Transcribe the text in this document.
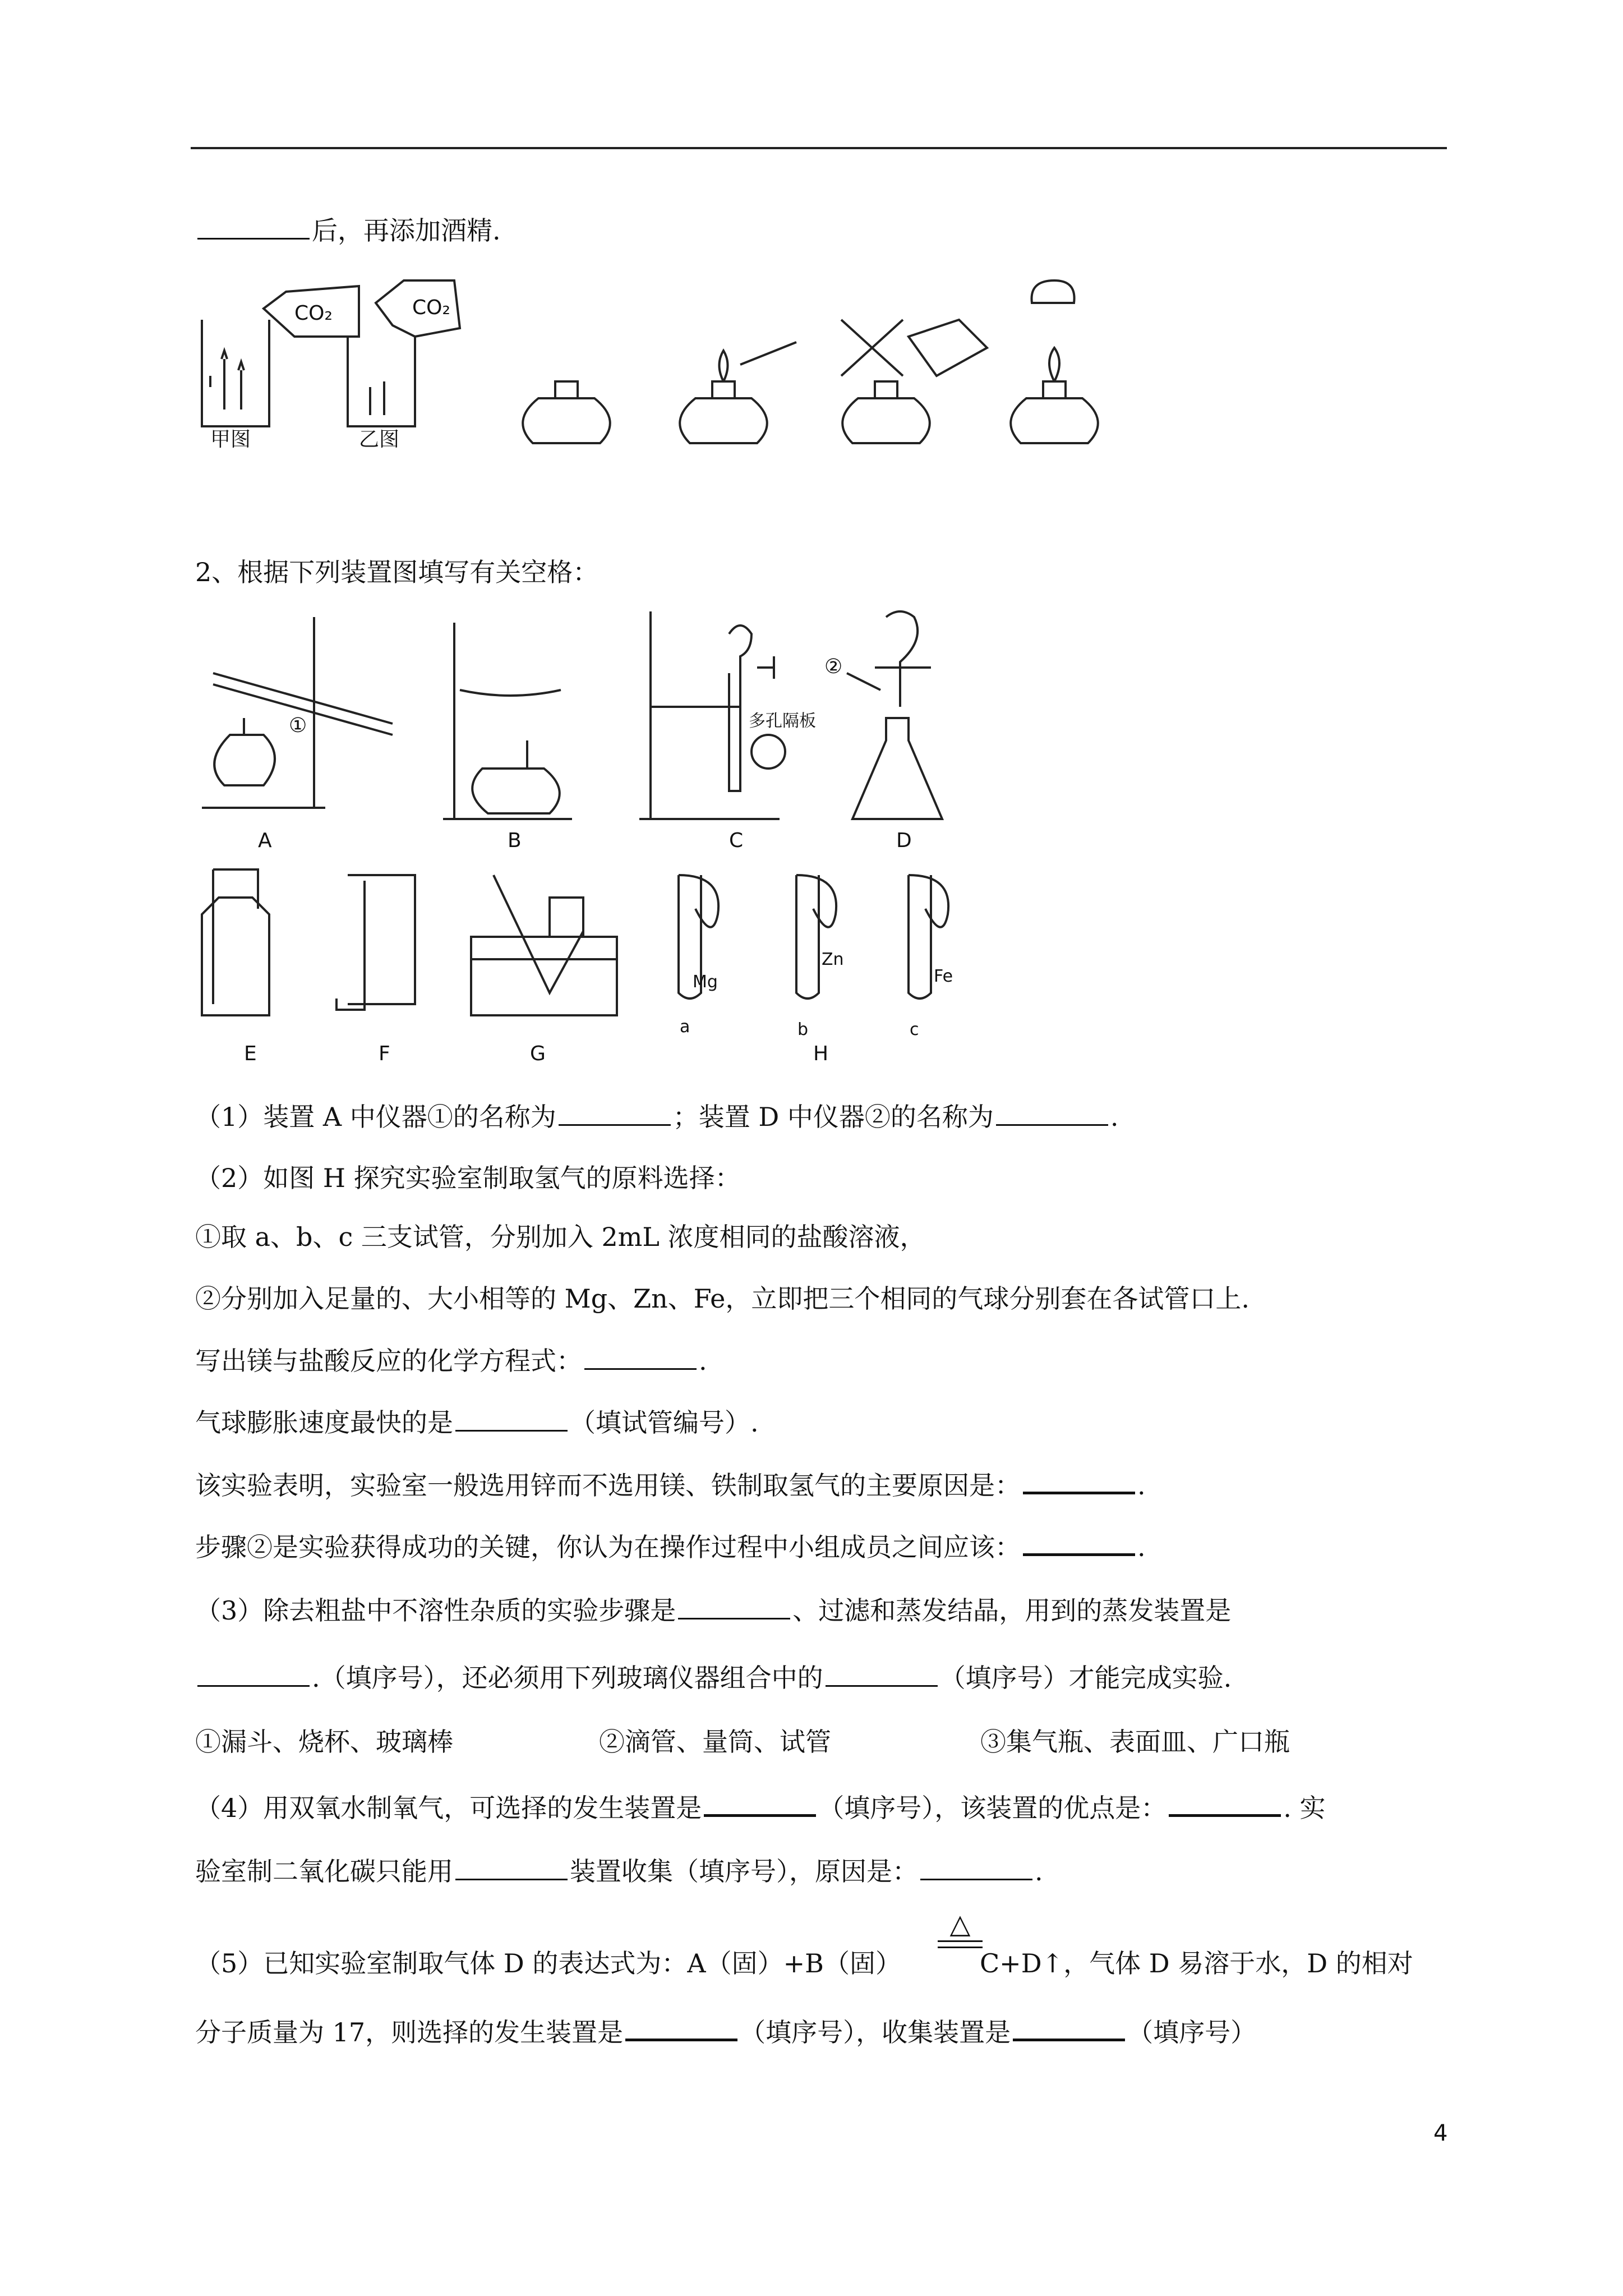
后，再添加酒精.
CO₂	CO₂
甲图	乙图
2、根据下列装置图填写有关空格：
①
②
多孔隔板
A	B	C	D
Mg
Zn
Fe
a	b	c
E	F	G	H
（1）装置 A 中仪器①的名称为	；装置 D 中仪器②的名称为	.
（2）如图 H 探究实验室制取氢气的原料选择：
①取 a、b、c 三支试管，分别加入 2mL 浓度相同的盐酸溶液，
②分别加入足量的、大小相等的 Mg、Zn、Fe，立即把三个相同的气球分别套在各试管口上.
写出镁与盐酸反应的化学方程式：	.
气球膨胀速度最快的是	（填试管编号）.
该实验表明，实验室一般选用锌而不选用镁、铁制取氢气的主要原因是：	.
步骤②是实验获得成功的关键，你认为在操作过程中小组成员之间应该：	.
（3）除去粗盐中不溶性杂质的实验步骤是	、过滤和蒸发结晶，用到的蒸发装置是
.（填序号），还必须用下列玻璃仪器组合中的	（填序号）才能完成实验.
①漏斗、烧杯、玻璃棒	②滴管、量筒、试管	③集气瓶、表面皿、广口瓶
（4）用双氧水制氧气，可选择的发生装置是	（填序号），该装置的优点是：	. 实
验室制二氧化碳只能用	装置收集（填序号），原因是：	.
△
（5）已知实验室制取气体 D 的表达式为：A（固）+B（固）	C+D↑，气体 D 易溶于水，D 的相对
分子质量为 17，则选择的发生装置是	（填序号），收集装置是	（填序号）
4
